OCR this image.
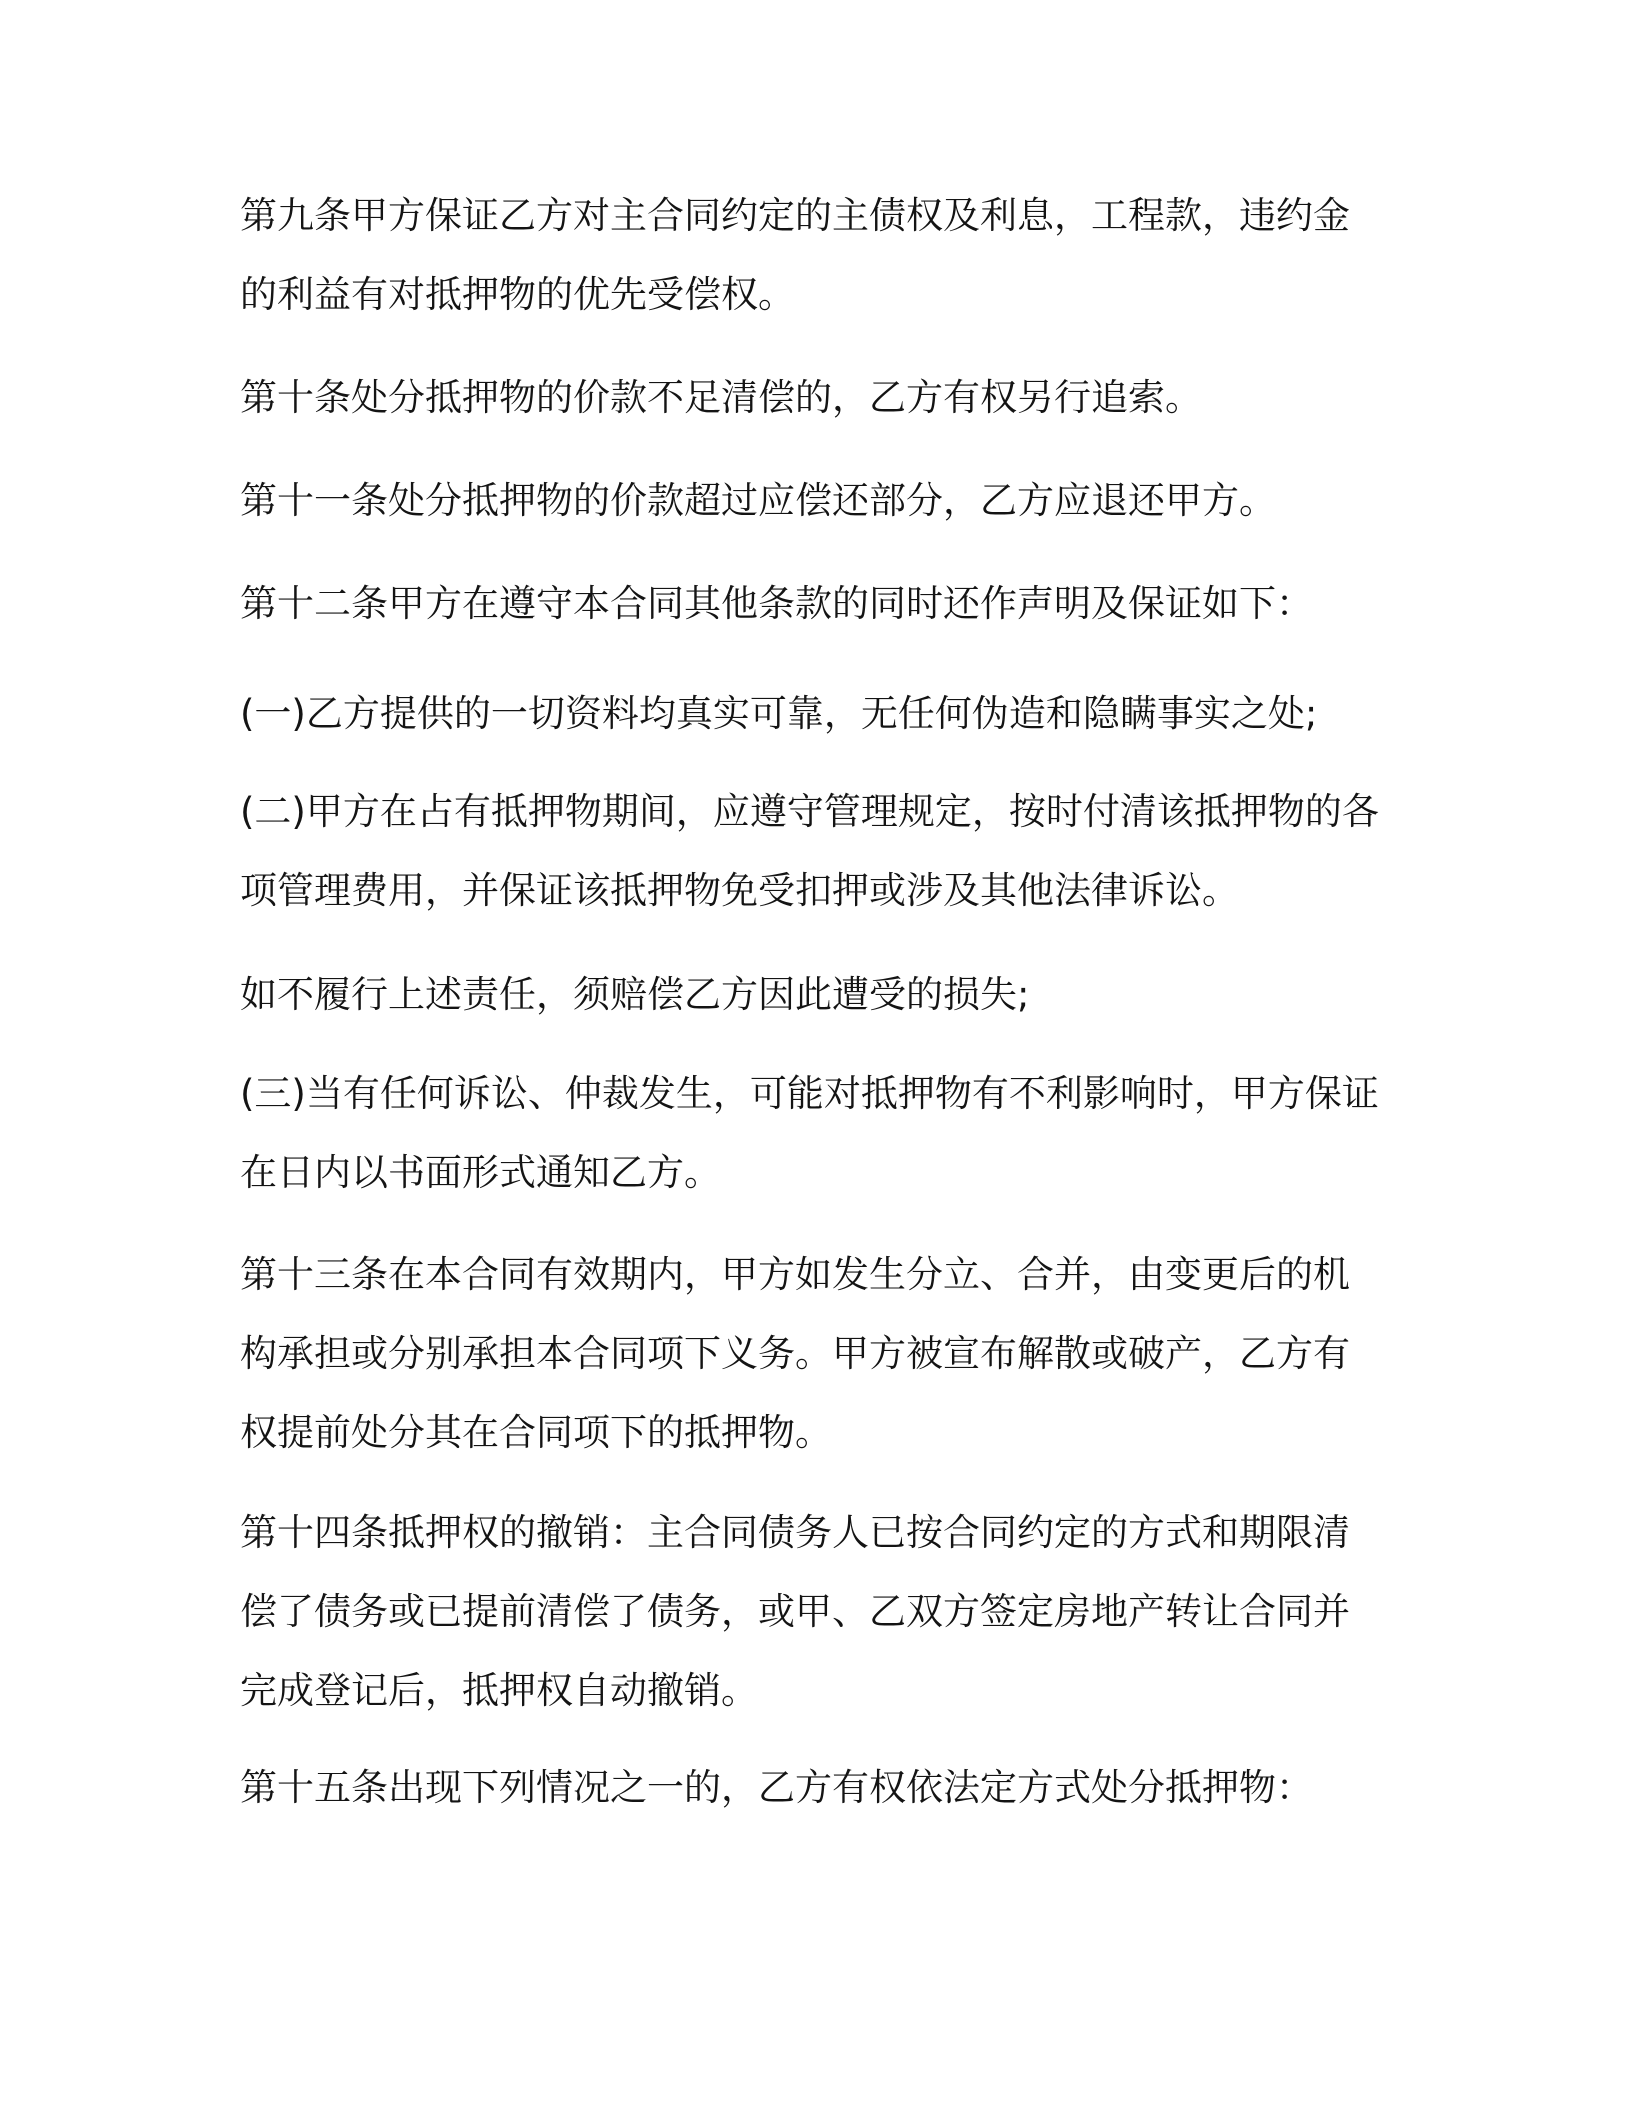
第九条甲方保证乙方对主合同约定的主债权及利息，工程款，违约金
的利益有对抵押物的优先受偿权。

第十条处分抵押物的价款不足清偿的，乙方有权另行追索。

第十一条处分抵押物的价款超过应偿还部分，乙方应退还甲方。

第十二条甲方在遵守本合同其他条款的同时还作声明及保证如下：

(一)乙方提供的一切资料均真实可靠，无任何伪造和隐瞒事实之处;

(二)甲方在占有抵押物期间，应遵守管理规定，按时付清该抵押物的各
项管理费用，并保证该抵押物免受扣押或涉及其他法律诉讼。

如不履行上述责任，须赔偿乙方因此遭受的损失;

(三)当有任何诉讼、仲裁发生，可能对抵押物有不利影响时，甲方保证
在日内以书面形式通知乙方。

第十三条在本合同有效期内，甲方如发生分立、合并，由变更后的机
构承担或分别承担本合同项下义务。甲方被宣布解散或破产，乙方有
权提前处分其在合同项下的抵押物。

第十四条抵押权的撤销：主合同债务人已按合同约定的方式和期限清
偿了债务或已提前清偿了债务，或甲、乙双方签定房地产转让合同并
完成登记后，抵押权自动撤销。

第十五条出现下列情况之一的，乙方有权依法定方式处分抵押物：
